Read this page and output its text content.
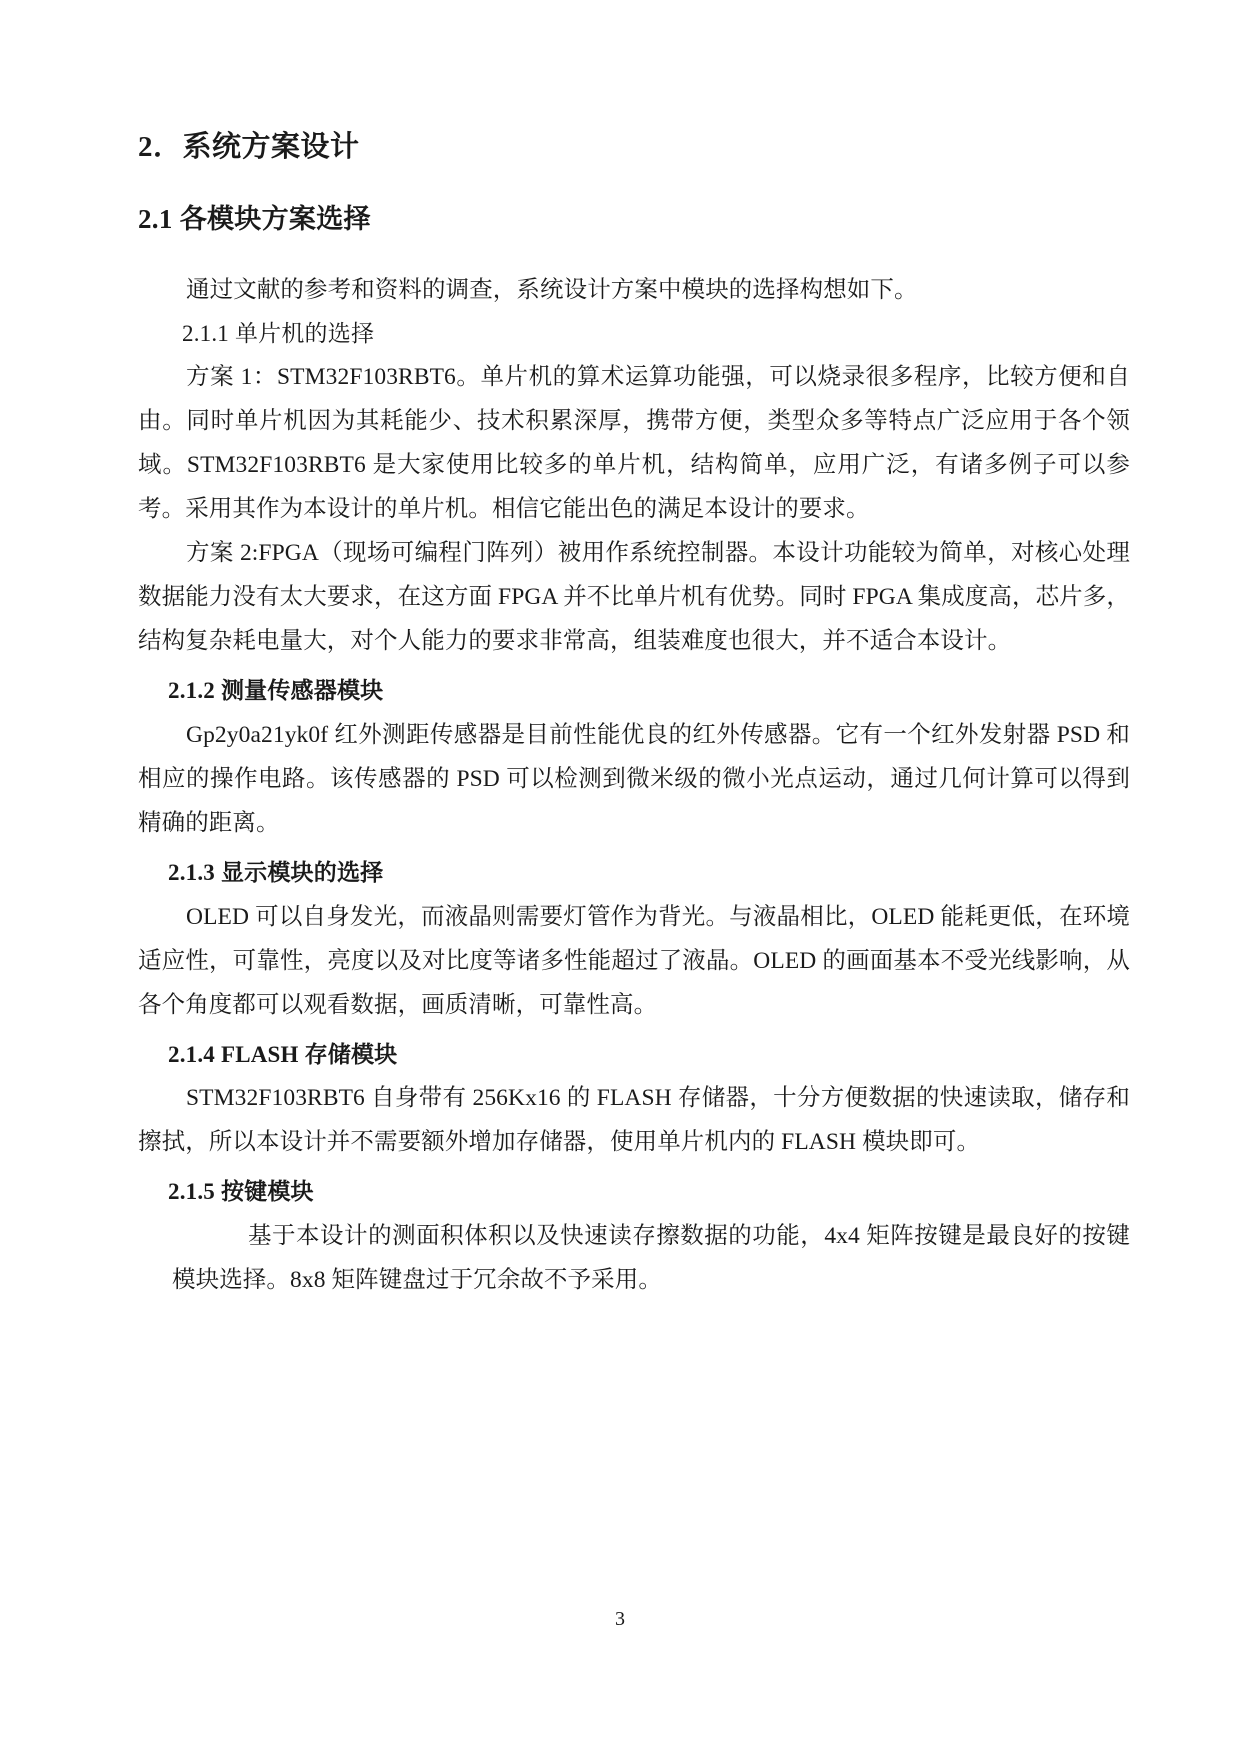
2．系统方案设计
2.1 各模块方案选择

通过文献的参考和资料的调查，系统设计方案中模块的选择构想如下。

2.1.1 单片机的选择

方案 1：STM32F103RBT6。单片机的算术运算功能强，可以烧录很多程序，比较方便和自由。同时单片机因为其耗能少、技术积累深厚，携带方便，类型众多等特点广泛应用于各个领域。STM32F103RBT6 是大家使用比较多的单片机，结构简单，应用广泛，有诸多例子可以参考。采用其作为本设计的单片机。相信它能出色的满足本设计的要求。

方案 2:FPGA（现场可编程门阵列）被用作系统控制器。本设计功能较为简单，对核心处理数据能力没有太大要求，在这方面 FPGA 并不比单片机有优势。同时 FPGA 集成度高，芯片多，结构复杂耗电量大，对个人能力的要求非常高，组装难度也很大，并不适合本设计。

2.1.2 测量传感器模块

Gp2y0a21yk0f 红外测距传感器是目前性能优良的红外传感器。它有一个红外发射器 PSD 和相应的操作电路。该传感器的 PSD 可以检测到微米级的微小光点运动，通过几何计算可以得到精确的距离。

2.1.3 显示模块的选择

OLED 可以自身发光，而液晶则需要灯管作为背光。与液晶相比，OLED 能耗更低，在环境适应性，可靠性，亮度以及对比度等诸多性能超过了液晶。OLED 的画面基本不受光线影响，从各个角度都可以观看数据，画质清晰，可靠性高。

2.1.4 FLASH 存储模块

STM32F103RBT6 自身带有 256Kx16 的 FLASH 存储器，十分方便数据的快速读取，储存和擦拭，所以本设计并不需要额外增加存储器，使用单片机内的 FLASH 模块即可。

2.1.5 按键模块

基于本设计的测面积体积以及快速读存擦数据的功能，4x4 矩阵按键是最良好的按键模块选择。8x8 矩阵键盘过于冗余故不予采用。

3
